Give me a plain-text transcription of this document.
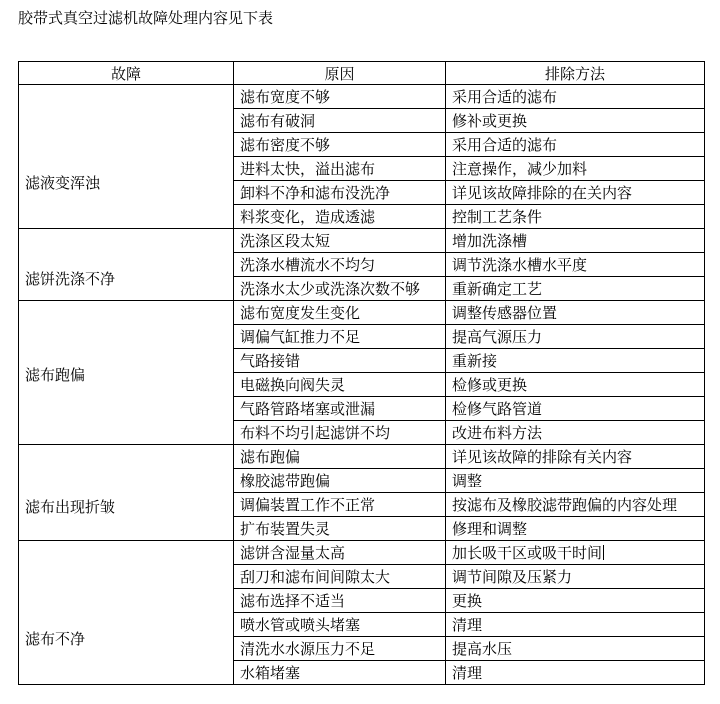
胶带式真空过滤机故障处理内容见下表

故障	原因	排除方法
滤液变浑浊	滤布宽度不够	采用合适的滤布
	滤布有破洞	修补或更换
	滤布密度不够	采用合适的滤布
	进料太快，溢出滤布	注意操作，减少加料
	卸料不净和滤布没洗净	详见该故障排除的在关内容
	料浆变化，造成透滤	控制工艺条件
滤饼洗涤不净	洗涤区段太短	增加洗涤槽
	洗涤水槽流水不均匀	调节洗涤水槽水平度
	洗涤水太少或洗涤次数不够	重新确定工艺
滤布跑偏	滤布宽度发生变化	调整传感器位置
	调偏气缸推力不足	提高气源压力
	气路接错	重新接
	电磁换向阀失灵	检修或更换
	气路管路堵塞或泄漏	检修气路管道
	布料不均引起滤饼不均	改进布料方法
滤布出现折皱	滤布跑偏	详见该故障的排除有关内容
	橡胶滤带跑偏	调整
	调偏装置工作不正常	按滤布及橡胶滤带跑偏的内容处理
	扩布装置失灵	修理和调整
滤布不净	滤饼含湿量太高	加长吸干区或吸干时间
	刮刀和滤布间间隙太大	调节间隙及压紧力
	滤布选择不适当	更换
	喷水管或喷头堵塞	清理
	清洗水水源压力不足	提高水压
	水箱堵塞	清理
